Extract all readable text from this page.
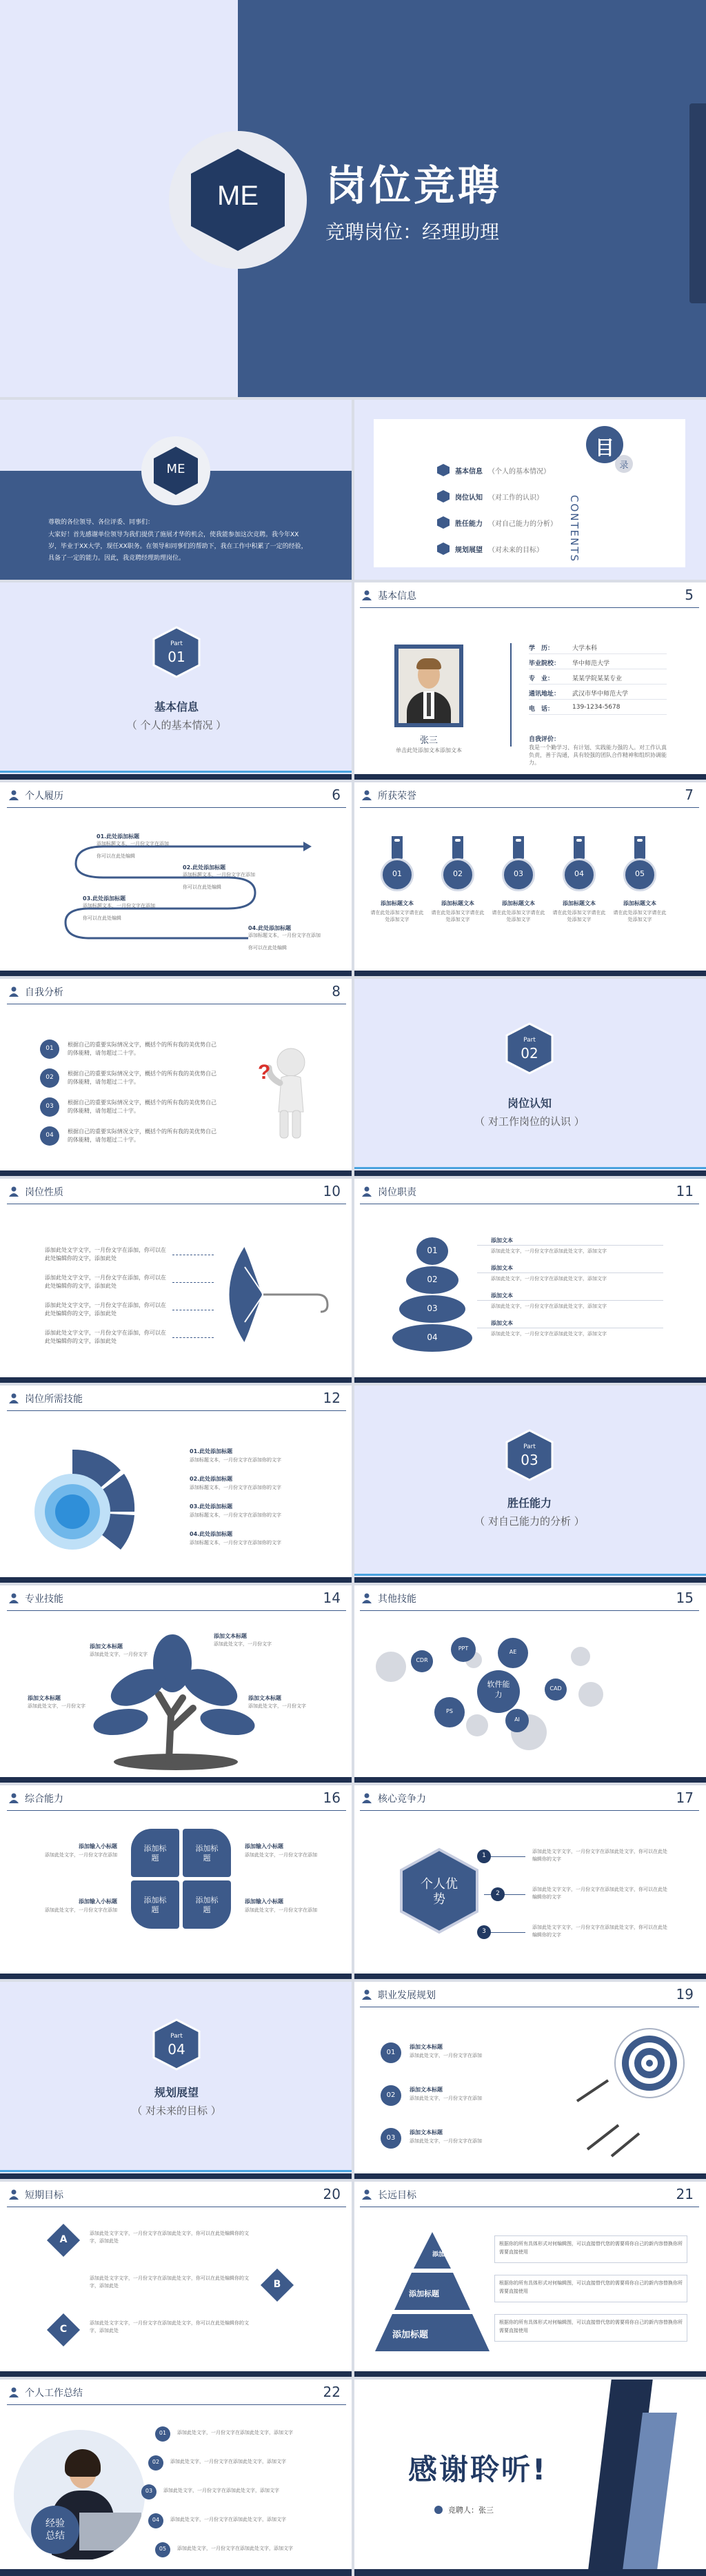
ME	岗位竞聘
竞聘岗位：经理助理
ME
尊敬的各位领导、各位评委、同事们：
大家好！首先感谢单位领导为我们提供了施展才华的机会，使我能参加这次竞聘。我今年XX岁，毕业于XX大学，现任XX职务。在领导和同事们的帮助下，我在工作中积累了一定的经验，具备了一定的能力。因此，我竞聘经理助理岗位。
目
录
CONTENTS
基本信息 （个人的基本情况）
岗位认知 （对工作的认识）
胜任能力 （对自己能力的分析）
规划展望 （对未来的目标）
Part
01
基本信息
（ 个人的基本情况 ）
基本信息	5
张三
单击此处添加文本添加文本
学　历：	大学本科
毕业院校： 华中师范大学
专　业：	某某学院某某专业
通讯地址： 武汉市华中师范大学
电　话：	139-1234-5678
自我评价：
我是一个勤学习、有计划、实践能力强的人。对工作认真负责，善于沟通，具有较强的团队合作精神和组织协调能力。
个人履历	6
01.此处添加标题
添加标题文本，一月份文字在添加
你可以在此处编辑
02.此处添加标题
添加标题文本，一月份文字在添加
你可以在此处编辑
03.此处添加标题
添加标题文本，一月份文字在添加
你可以在此处编辑
04.此处添加标题
添加标题文本，一月份文字在添加
你可以在此处编辑
所获荣誉	7
01
添加标题文本
请在此处添加文字请在此处添加文字
02
添加标题文本
请在此处添加文字请在此处添加文字
03
添加标题文本
请在此处添加文字请在此处添加文字
04
添加标题文本
请在此处添加文字请在此处添加文字
05
添加标题文本
请在此处添加文字请在此处添加文字
自我分析	8
01
根据自己的重要实际情况文字，概括个的所有我的美优势自己的体能精，请勿超过二十字。
02
根据自己的重要实际情况文字，概括个的所有我的美优势自己的体能精，请勿超过二十字。
03
根据自己的重要实际情况文字，概括个的所有我的美优势自己的体能精，请勿超过二十字。
04
根据自己的重要实际情况文字，概括个的所有我的美优势自己的体能精，请勿超过二十字。
?
Part
02
岗位认知
（ 对工作岗位的认识 ）
岗位性质	10
添加此处文字文字，一月份文字在添加，你可以在此处编辑你的文字，添加此处
添加此处文字文字，一月份文字在添加，你可以在此处编辑你的文字，添加此处
添加此处文字文字，一月份文字在添加，你可以在此处编辑你的文字，添加此处
添加此处文字文字，一月份文字在添加，你可以在此处编辑你的文字，添加此处
岗位职责	11
01
02
03
04
添加文本
添加此处文字，一月份文字在添加此处文字，添加文字
添加文本
添加此处文字，一月份文字在添加此处文字，添加文字
添加文本
添加此处文字，一月份文字在添加此处文字，添加文字
添加文本
添加此处文字，一月份文字在添加此处文字，添加文字
岗位所需技能	12
01.此处添加标题
添加标题文本，一月份文字在添加你的文字
02.此处添加标题
添加标题文本，一月份文字在添加你的文字
03.此处添加标题
添加标题文本，一月份文字在添加你的文字
04.此处添加标题
添加标题文本，一月份文字在添加你的文字
Part
03
胜任能力
（ 对自己能力的分析 ）
专业技能	14
添加文本标题
添加此处文字，一月份文字
添加文本标题
添加此处文字，一月份文字
添加文本标题
添加此处文字，一月份文字
添加文本标题
添加此处文字，一月份文字
其他技能	15
软件能力
CDR
PPT
AE
PS
AI
CAD
综合能力	16
添加标题
添加标题
添加标题
添加标题
添加输入小标题
添加此处文字，一月份文字在添加
添加输入小标题
添加此处文字，一月份文字在添加
添加输入小标题
添加此处文字，一月份文字在添加
添加输入小标题
添加此处文字，一月份文字在添加
核心竞争力	17
个人优势
1
添加此处文字文字，一月份文字在添加此处文字，你可以在此处编辑你的文字
2
添加此处文字文字，一月份文字在添加此处文字，你可以在此处编辑你的文字
3
添加此处文字文字，一月份文字在添加此处文字，你可以在此处编辑你的文字
Part
04
规划展望
（ 对未来的目标 ）
职业发展规划	19
01
添加文本标题
添加此处文字，一月份文字在添加
02
添加文本标题
添加此处文字，一月份文字在添加
03
添加文本标题
添加此处文字，一月份文字在添加
短期目标	20
A
添加此处文字文字，一月份文字在添加此处文字，你可以在此处编辑你的文字，添加此处
B
添加此处文字文字，一月份文字在添加此处文字，你可以在此处编辑你的文字，添加此处
C
添加此处文字文字，一月份文字在添加此处文字，你可以在此处编辑你的文字，添加此处
长远目标	21
添加标题
根据你的所有具体形式对何编辑图，可以直接替代您的需要将你自己的新内容替换你所需要直接使用
添加标题
根据你的所有具体形式对何编辑图，可以直接替代您的需要将你自己的新内容替换你所需要直接使用
添加标题
根据你的所有具体形式对何编辑图，可以直接替代您的需要将你自己的新内容替换你所需要直接使用
个人工作总结	22
经验总结
01	添加此处文字，一月份文字在添加此处文字，添加文字
02	添加此处文字，一月份文字在添加此处文字，添加文字
03	添加此处文字，一月份文字在添加此处文字，添加文字
04	添加此处文字，一月份文字在添加此处文字，添加文字
05	添加此处文字，一月份文字在添加此处文字，添加文字
感谢聆听!
竞聘人：张三
